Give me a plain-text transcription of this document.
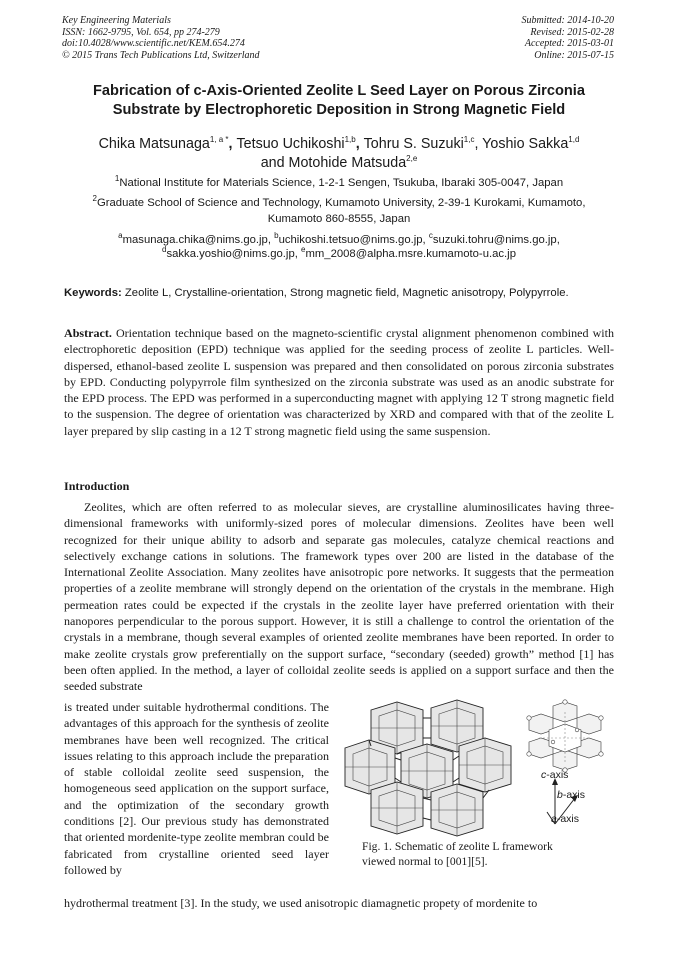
Key Engineering Materials
ISSN: 1662-9795, Vol. 654, pp 274-279
doi:10.4028/www.scientific.net/KEM.654.274
© 2015 Trans Tech Publications Ltd, Switzerland
Submitted: 2014-10-20
Revised: 2015-02-28
Accepted: 2015-03-01
Online: 2015-07-15
Fabrication of c-Axis-Oriented Zeolite L Seed Layer on Porous Zirconia
Substrate by Electrophoretic Deposition in Strong Magnetic Field
Chika Matsunaga$^{1, a *}$, Tetsuo Uchikoshi$^{1,b}$, Tohru S. Suzuki$^{1,c}$, Yoshio Sakka$^{1,d}$
and Motohide Matsuda$^{2,e}$
$^1$National Institute for Materials Science, 1-2-1 Sengen, Tsukuba, Ibaraki 305-0047, Japan
$^2$Graduate School of Science and Technology, Kumamoto University, 2-39-1 Kurokami, Kumamoto,
Kumamoto 860-8555, Japan
$^a$masunaga.chika@nims.go.jp, $^b$uchikoshi.tetsuo@nims.go.jp, $^c$suzuki.tohru@nims.go.jp,
$^d$sakka.yoshio@nims.go.jp, $^e$mm_2008@alpha.msre.kumamoto-u.ac.jp
Keywords: Zeolite L, Crystalline-orientation, Strong magnetic field, Magnetic anisotropy, Polypyrrole.
Abstract. Orientation technique based on the magneto-scientific crystal alignment phenomenon combined with electrophoretic deposition (EPD) technique was applied for the seeding process of zeolite L particles. Well-dispersed, ethanol-based zeolite L suspension was prepared and then consolidated on porous zirconia substrates by EPD. Conducting polypyrrole film synthesized on the zirconia substrate was used as an anodic substrate for the EPD process. The EPD was performed in a superconducting magnet with applying 12 T strong magnetic field to the suspension. The degree of orientation was characterized by XRD and compared with that of the zeolite L layer prepared by slip casting in a 12 T strong magnetic field using the same suspension.
Introduction

Zeolites, which are often referred to as molecular sieves, are crystalline aluminosilicates having three-dimensional frameworks with uniformly-sized pores of molecular dimensions. Zeolites have been well recognized for their unique ability to adsorb and separate gas molecules, catalyze chemical reactions and selectively exchange cations in solutions. The framework types over 200 are listed in the database of the International Zeolite Association. Many zeolites have anisotropic pore networks. It suggests that the permeation properties of a zeolite membrane will strongly depend on the orientation of the crystals in the membrane. High permeation rates could be expected if the crystals in the zeolite layer have preferred orientation with their nanopores perpendicular to the porous support. However, it is still a challenge to control the orientation of the crystals in a membrane, though several examples of oriented zeolite membranes have been reported. In order to make zeolite crystals grow preferentially on the support surface, “secondary (seeded) growth” method [1] has been often applied. In the method, a layer of colloidal zeolite seeds is applied on a support surface and then the seeded substrate

is treated under suitable hydrothermal conditions. The advantages of this approach for the synthesis of zeolite membranes have been well recognized. The critical issues relating to this approach include the preparation of stable colloidal zeolite seed suspension, the homogeneous seed application on the support surface, and the optimization of the secondary growth conditions [2]. Our previous study has demonstrated that oriented mordenite-type zeolite membran could be fabricated from crystalline oriented seed layer followed by
hydrothermal treatment [3]. In the study, we used anisotropic diamagnetic propety of mordenite to
c-axis
b-axis
a-axis
Fig. 1. Schematic of zeolite L framework
viewed normal to [001][5].
